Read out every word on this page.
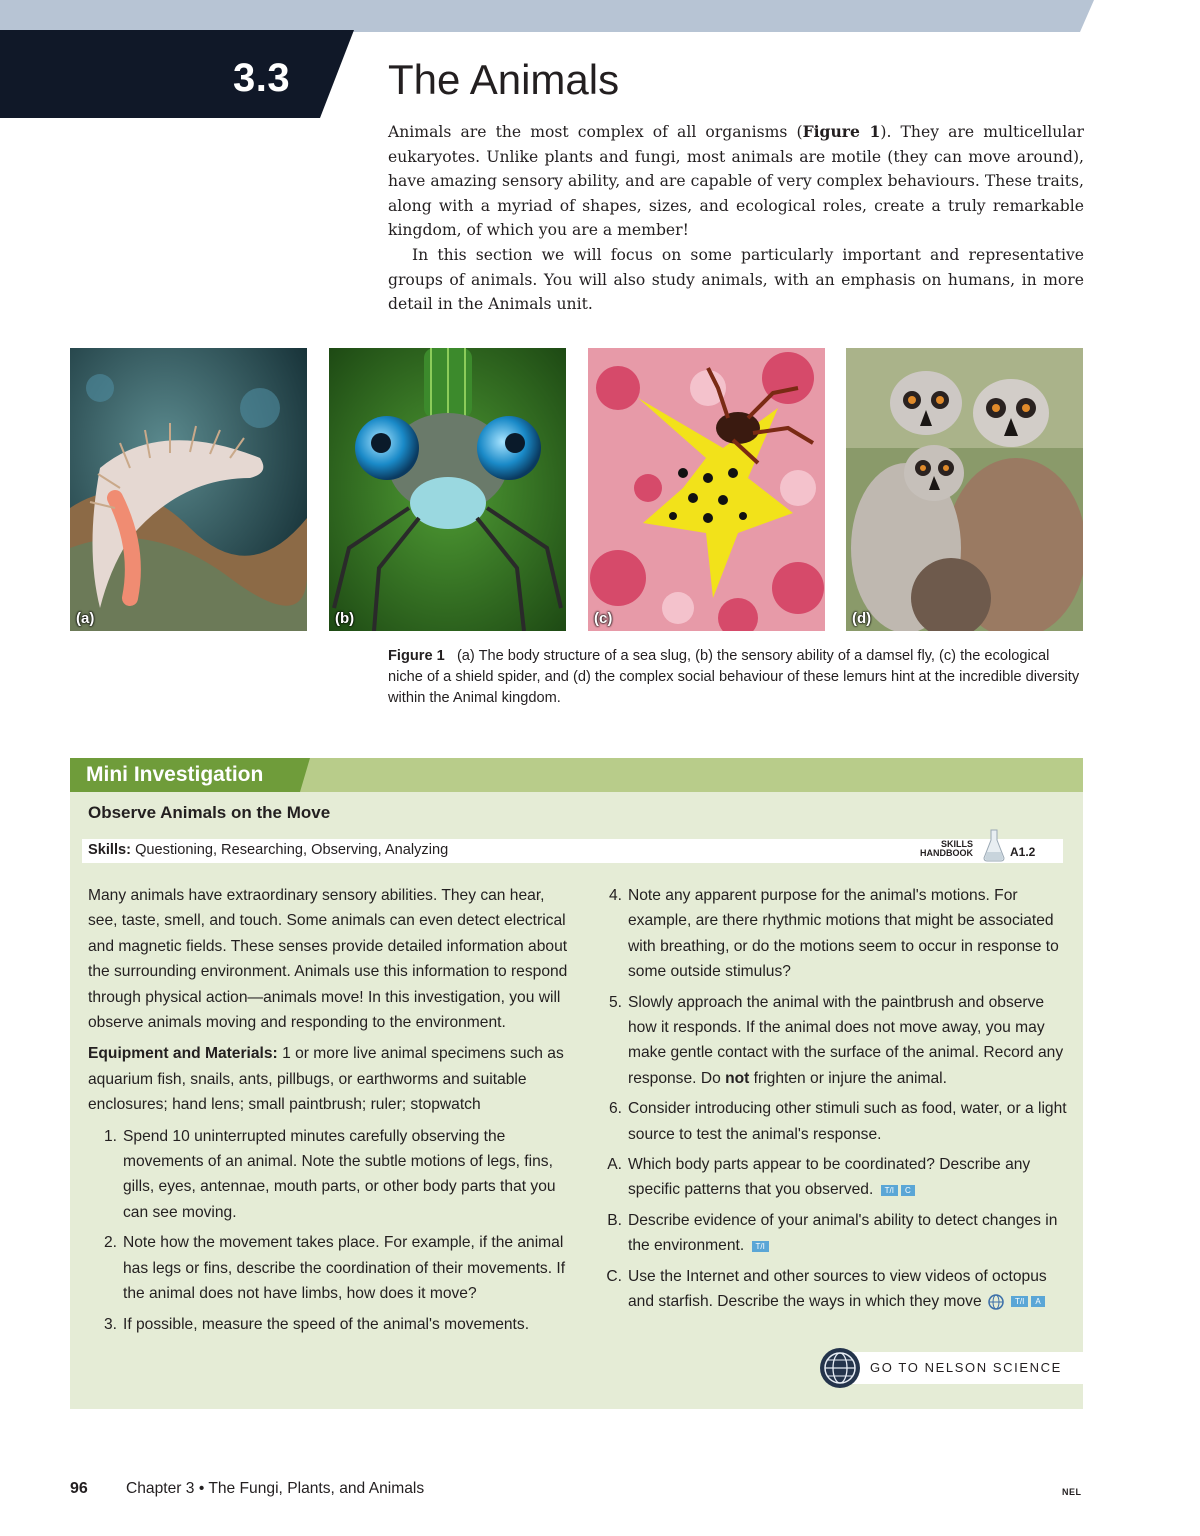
3.3 The Animals

Animals are the most complex of all organisms (Figure 1). They are multicellular eukaryotes. Unlike plants and fungi, most animals are motile (they can move around), have amazing sensory ability, and are capable of very complex behaviours. These traits, along with a myriad of shapes, sizes, and ecological roles, create a truly remarkable kingdom, of which you are a member!

In this section we will focus on some particularly important and representative groups of animals. You will also study animals, with an emphasis on humans, in more detail in the Animals unit.

(a)	(b)	(c)	(d)
Figure 1 (a) The body structure of a sea slug, (b) the sensory ability of a damsel fly, (c) the ecological niche of a shield spider, and (d) the complex social behaviour of these lemurs hint at the incredible diversity within the Animal kingdom.
Mini Investigation
Observe Animals on the Move
Skills: Questioning, Researching, Observing, Analyzing	SKILLS
HANDBOOK	A1.2

Many animals have extraordinary sensory abilities. They can hear, see, taste, smell, and touch. Some animals can even detect electrical and magnetic fields. These senses provide detailed information about the surrounding environment. Animals use this information to respond through physical action—animals move! In this investigation, you will observe animals moving and responding to the environment.

Equipment and Materials: 1 or more live animal specimens such as aquarium fish, snails, ants, pillbugs, or earthworms and suitable enclosures; hand lens; small paintbrush; ruler; stopwatch

1. Spend 10 uninterrupted minutes carefully observing the movements of an animal. Note the subtle motions of legs, fins, gills, eyes, antennae, mouth parts, or other body parts that you can see moving.
2. Note how the movement takes place. For example, if the animal has legs or fins, describe the coordination of their movements. If the animal does not have limbs, how does it move?
3. If possible, measure the speed of the animal's movements.
4. Note any apparent purpose for the animal's motions. For example, are there rhythmic motions that might be associated with breathing, or do the motions seem to occur in response to some outside stimulus?
5. Slowly approach the animal with the paintbrush and observe how it responds. If the animal does not move away, you may make gentle contact with the surface of the animal. Record any response. Do not frighten or injure the animal.
6. Consider introducing other stimuli such as food, water, or a light source to test the animal's response.
A. Which body parts appear to be coordinated? Describe any specific patterns that you observed. T/I C
B. Describe evidence of your animal's ability to detect changes in the environment. T/I
C. Use the Internet and other sources to view videos of octopus and starfish. Describe the ways in which they move	T/I A
GO TO NELSON SCIENCE
96 Chapter 3 • The Fungi, Plants, and Animals	NEL
